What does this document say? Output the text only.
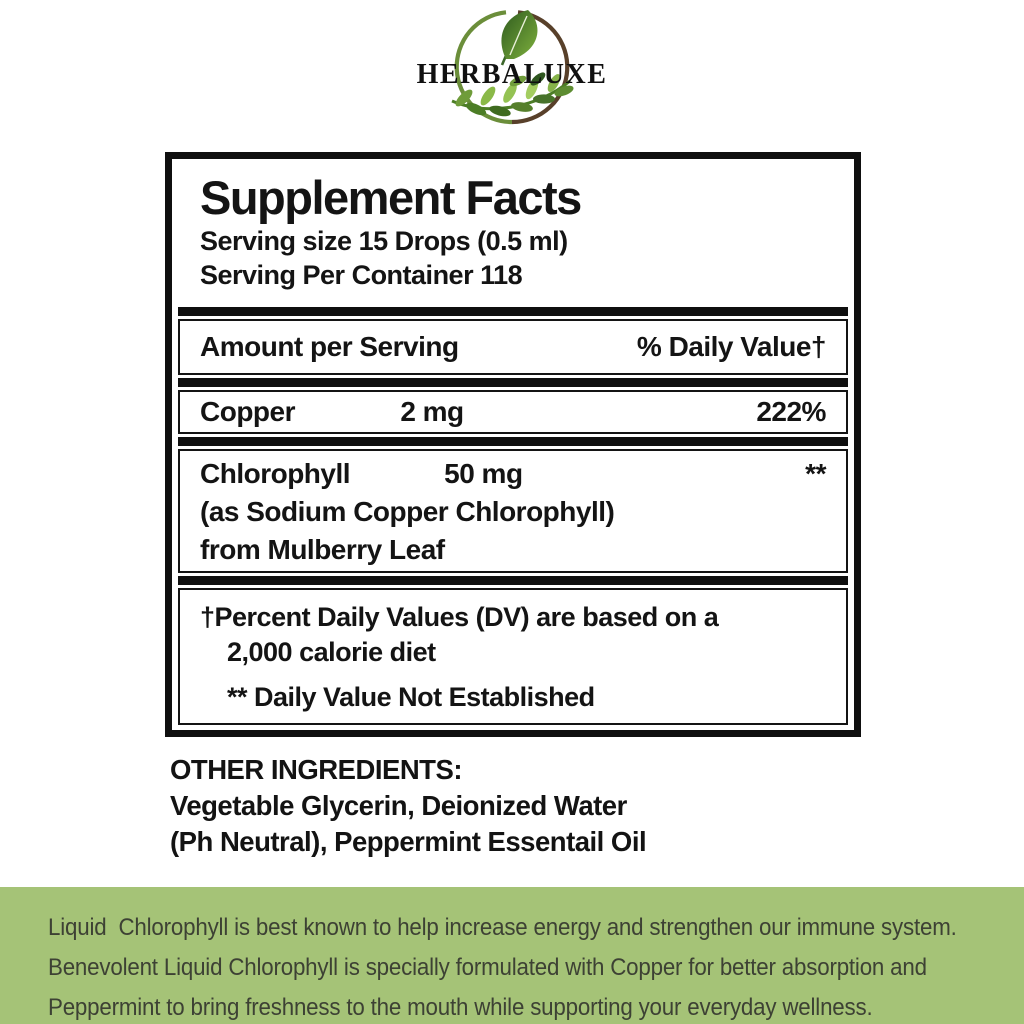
HERBALUXE
Supplement Facts
Serving size 15 Drops (0.5 ml)
Serving Per Container 118
Amount per Serving	% Daily Value†
Copper	2 mg	222%
Chlorophyll	50 mg	**
(as Sodium Copper Chlorophyll)
from Mulberry Leaf
†Percent Daily Values (DV) are based on a
2,000 calorie diet
** Daily Value Not Established
OTHER INGREDIENTS:
Vegetable Glycerin, Deionized Water
(Ph Neutral), Peppermint Essentail Oil
Liquid  Chlorophyll is best known to help increase energy and strengthen our immune system.
Benevolent Liquid Chlorophyll is specially formulated with Copper for better absorption and
Peppermint to bring freshness to the mouth while supporting your everyday wellness.
